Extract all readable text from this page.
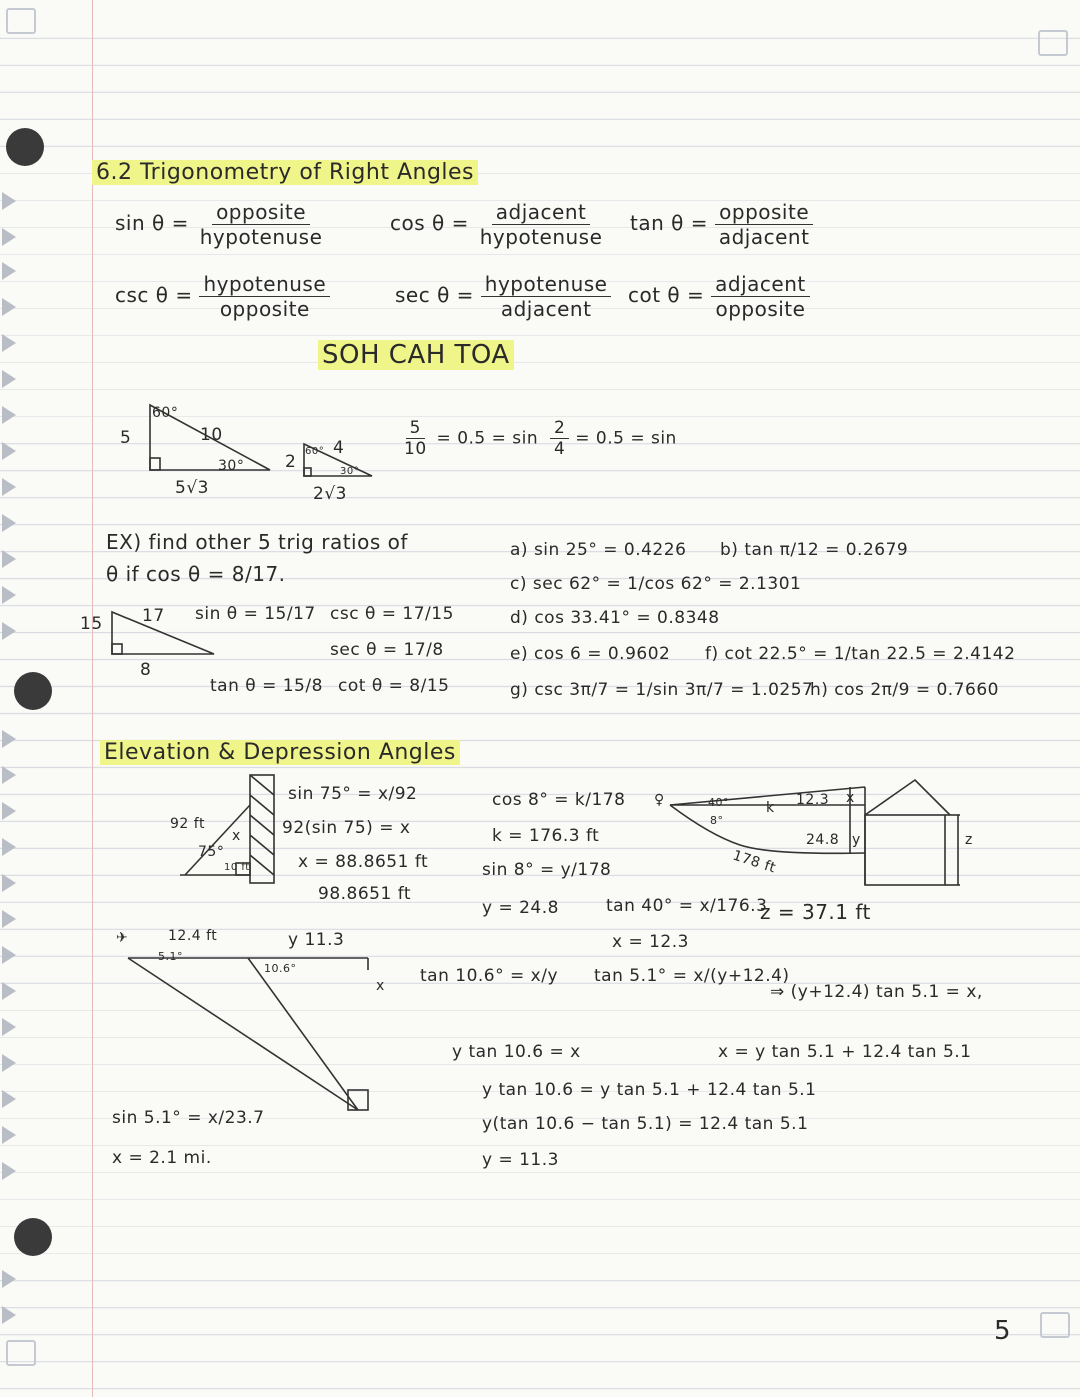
6.2 Trigonometry of Right Angles
$\sin \theta = \frac{\text{opposite}}{\text{hypotenuse}}$	$\cos \theta = \frac{\text{adjacent}}{\text{hypotenuse}}$ $\tan \theta = \frac{\text{opposite}}{\text{adjacent}}$
$\csc \theta = \frac{\text{hypotenuse}}{\text{opposite}}$	$\sec \theta = \frac{\text{hypotenuse}}{\text{adjacent}}$ $\cot \theta = \frac{\text{adjacent}}{\text{opposite}}$
SOH CAH TOA
5	10
60°
30°
5√3
2
4
60°
30°
2√3
$\frac{5}{10} = 0.5 = \sin \frac{2}{4} = 0.5 = \sin$
EX) find other 5 trig ratios of
θ if cos θ = 8/17.
15 17
8
sin θ = 15/17 csc θ = 17/15
sec θ = 17/8
tan θ = 15/8 cot θ = 8/15
a) sin 25° = 0.4226 b) tan π/12 = 0.2679
c) sec 62° = 1/cos 62° = 2.1301
d) cos 33.41° = 0.8348
e) cos 6 = 0.9602 f) cot 22.5° = 1/tan 22.5 = 2.4142
g) csc 3π/7 = 1/sin 3π/7 = 1.0257
h) cos 2π/9 = 0.7660
Elevation & Depression Angles
92 ft
75°
x
10 ft
sin 75° = x/92
92(sin 75) = x
x = 88.8651 ft
98.8651 ft
cos 8° = k/178
k = 176.3 ft
sin 8° = y/178
y = 24.8
♀	40°
8°
k
178 ft
12.3 x
24.8 y	z
tan 40° = x/176.3
x = 12.3
z = 37.1 ft
✈	12.4 ft
5.1°
y 11.3
10.6°
x
sin 5.1° = x/23.7
x = 2.1 mi.
tan 10.6° = x/y tan 5.1° = x/(y+12.4)
⇒ (y+12.4) tan 5.1 = x,
y tan 10.6 = x	x = y tan 5.1 + 12.4 tan 5.1
y tan 10.6 = y tan 5.1 + 12.4 tan 5.1
y(tan 10.6 − tan 5.1) = 12.4 tan 5.1
y = 11.3
5
